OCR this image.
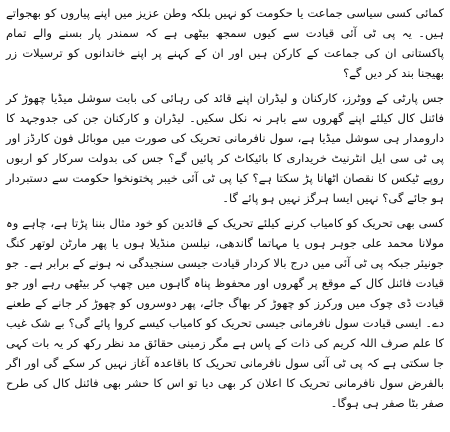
کمائی کسی سیاسی جماعت یا حکومت کو نہیں بلکہ وطن عزیز میں اپنے پیاروں کو بھجواتے ہیں۔ یہ پی ٹی آئی قیادت سے کیوں سمجھ بیٹھی ہے کہ سمندر پار بسنے والے تمام پاکستانی ان کی جماعت کے کارکن ہیں اور ان کے کہنے پر اپنے خاندانوں کو ترسیلات زر بھیجنا بند کر دیں گے؟

جس پارٹی کے ووٹرز، کارکنان و لیڈران اپنے قائد کی رہائی کی بابت سوشل میڈیا چھوڑ کر فائنل کال کیلئے اپنے گھروں سے باہر نہ نکل سکیں۔ لیڈران و کارکنان جن کی جدوجہد کا دارومدار ہی سوشل میڈیا ہے، سول نافرمانی تحریک کی صورت میں موبائل فون کارڈز اور پی ٹی سی ایل انٹرنیٹ خریداری کا بائیکاٹ کر پائیں گے؟ جس کی بدولت سرکار کو اربوں روپے ٹیکس کا نقصان اٹھانا پڑ سکتا ہے؟ کیا پی ٹی آئی خیبر پختونخوا حکومت سے دستبردار ہو جائے گی؟ نہیں ایسا ہرگز نہیں ہو پائے گا۔

کسی بھی تحریک کو کامیاب کرنے کیلئے تحریک کے قائدین کو خود مثال بننا پڑتا ہے، چاہے وہ مولانا محمد علی جوہر ہوں یا مہاتما گاندھی، نیلسن منڈیلا ہوں یا پھر مارٹن لوتھر کنگ جونیئر جبکہ پی ٹی آئی میں درج بالا کردار قیادت جیسی سنجیدگی نہ ہونے کے برابر ہے۔ جو قیادت فائنل کال کے موقع پر گھروں اور محفوظ پناہ گاہوں میں چھپ کر بیٹھی رہے اور جو قیادت ڈی چوک میں ورکرز کو چھوڑ کر بھاگ جائے، پھر دوسروں کو چھوڑ کر جانے کے طعنے دے۔ ایسی قیادت سول نافرمانی جیسی تحریک کو کامیاب کیسے کروا پائے گی؟ بے شک غیب کا علم صرف اللہ کریم کی ذات کے پاس ہے مگر زمینی حقائق مد نظر رکھ کر یہ بات کہی جا سکتی ہے کہ پی ٹی آئی سول نافرمانی تحریک کا باقاعدہ آغاز نہیں کر سکے گی اور اگر بالفرض سول نافرمانی تحریک کا اعلان کر بھی دیا تو اس کا حشر بھی فائنل کال کی طرح صفر بٹا صفر ہی ہوگا۔
